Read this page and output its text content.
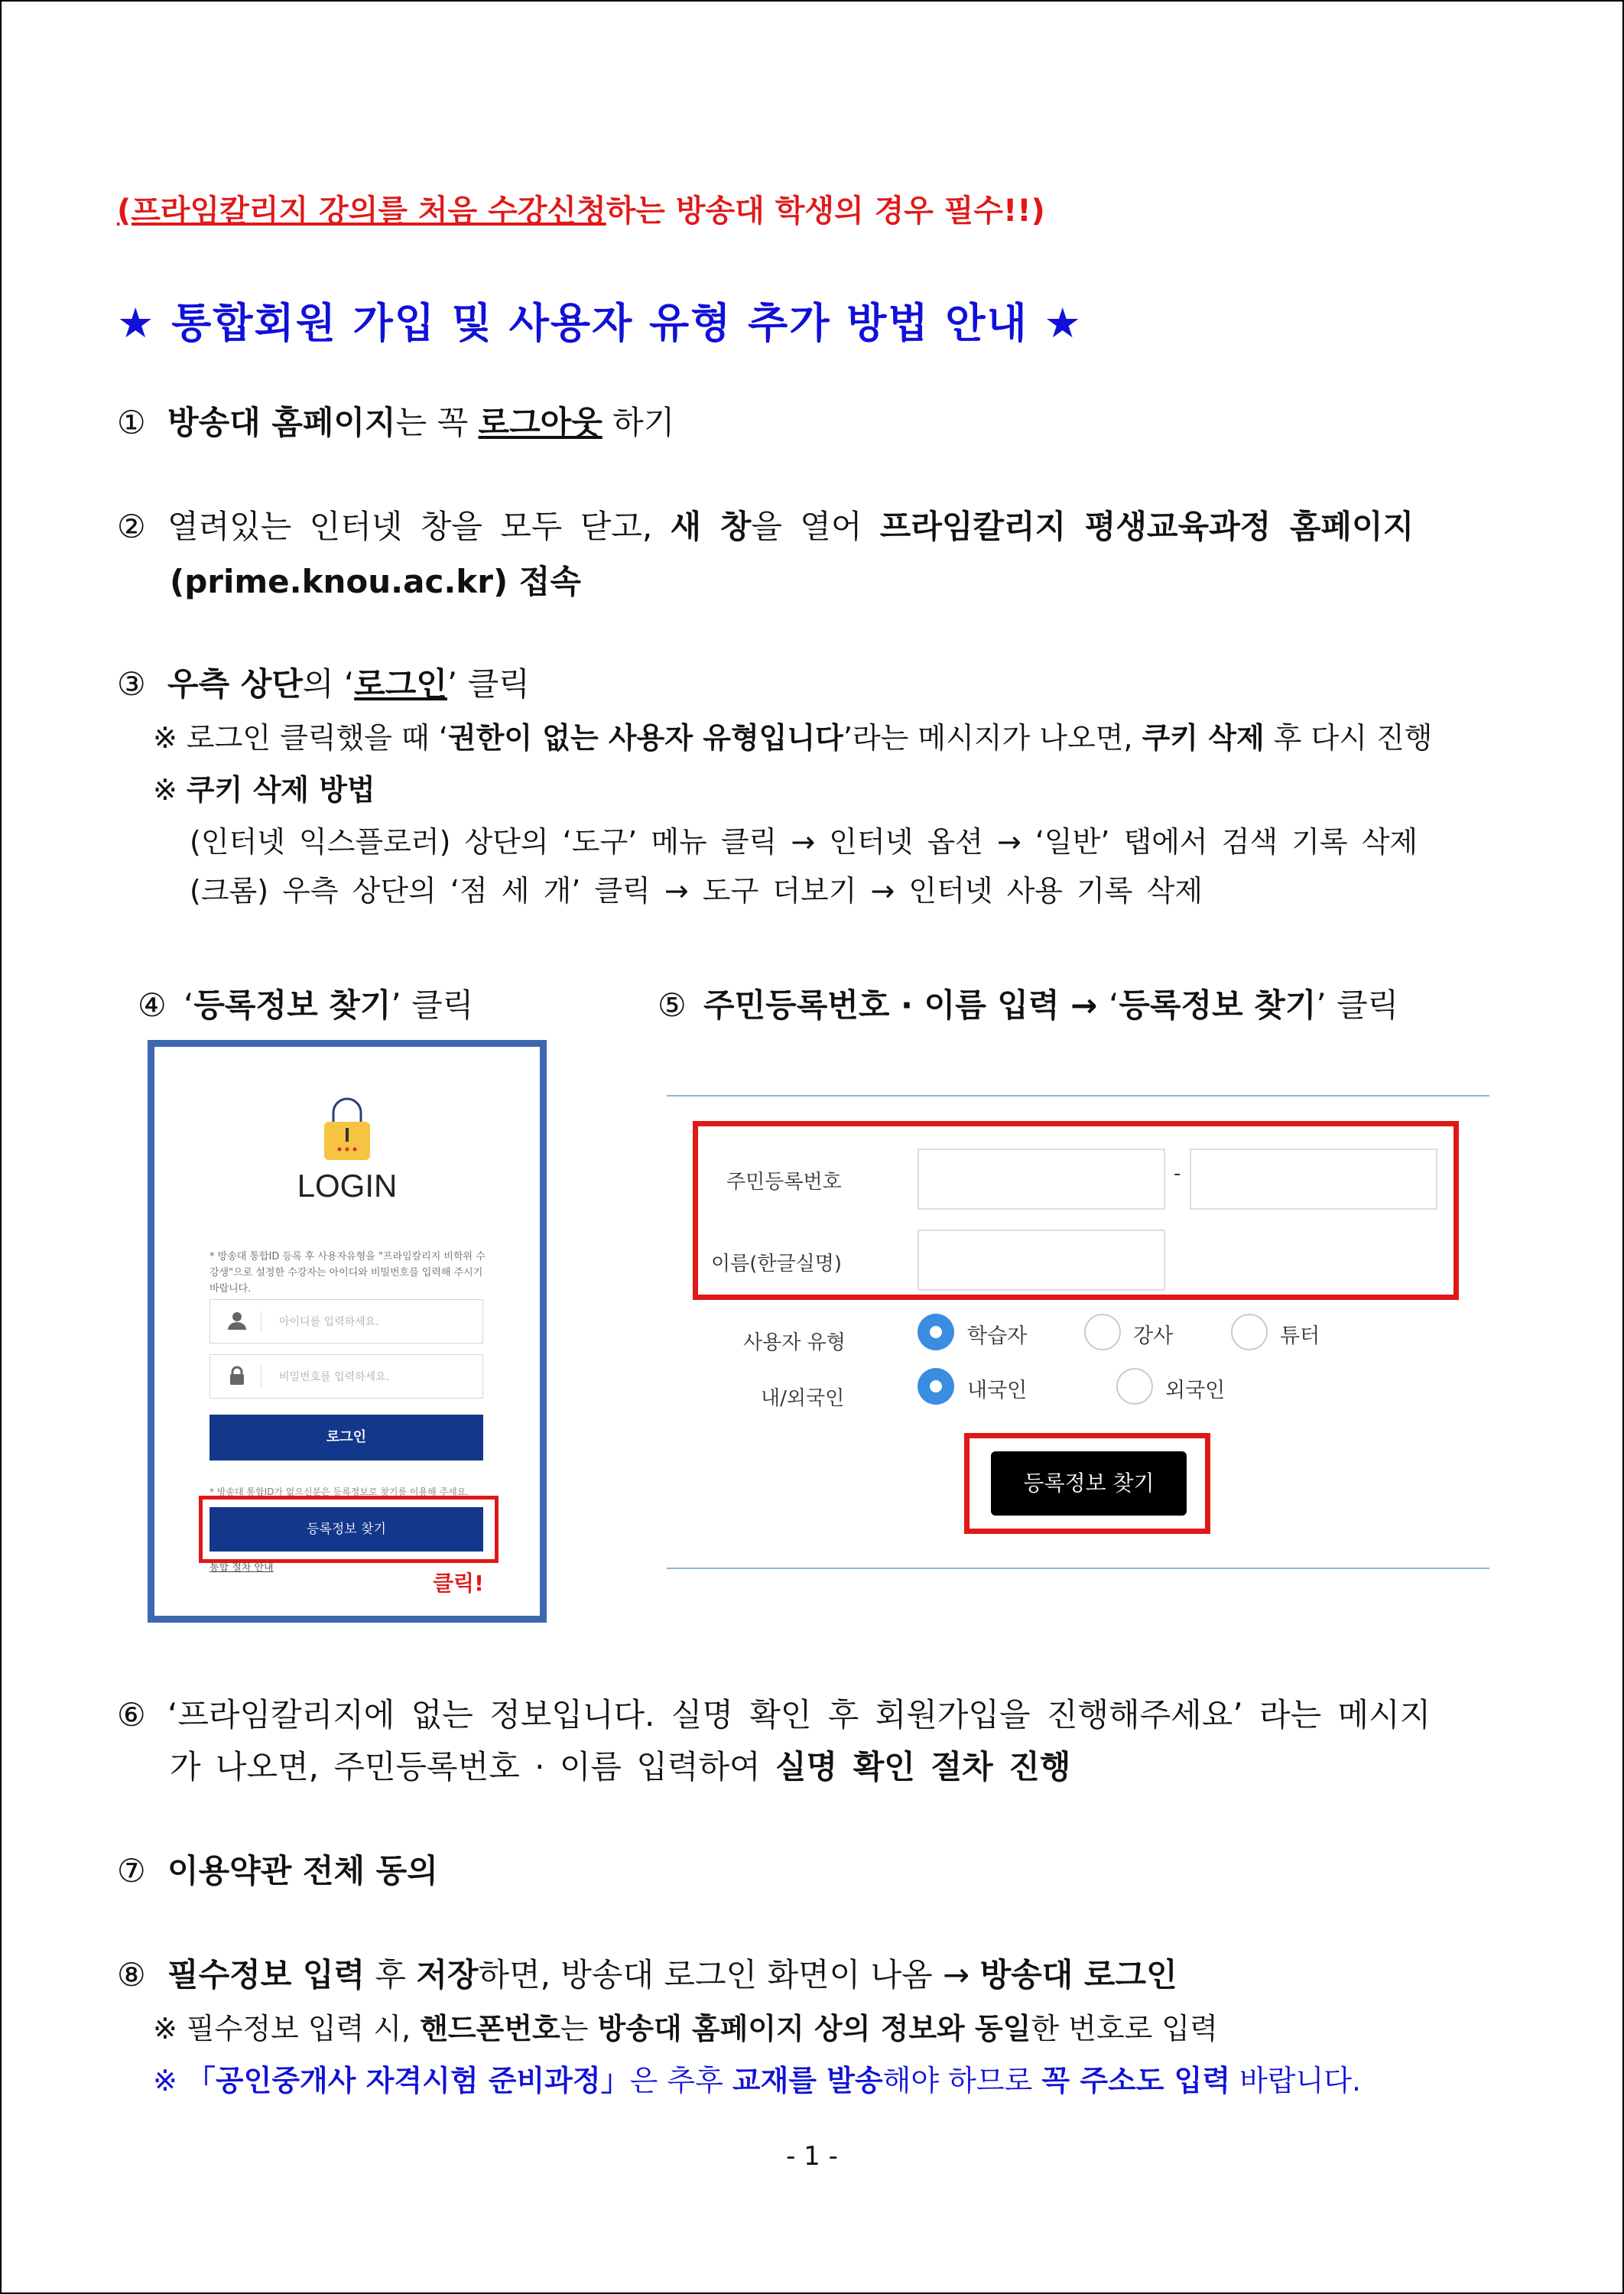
(프라임칼리지 강의를 처음 수강신청하는 방송대 학생의 경우 필수!!)
★ 통합회원 가입 및 사용자 유형 추가 방법 안내 ★
① 방송대 홈페이지는 꼭 로그아웃 하기
② 열려있는 인터넷 창을 모두 닫고, 새 창을 열어 프라임칼리지 평생교육과정 홈페이지
(prime.knou.ac.kr) 접속
③ 우측 상단의 ‘로그인’ 클릭
※ 로그인 클릭했을 때 ‘권한이 없는 사용자 유형입니다’라는 메시지가 나오면, 쿠키 삭제 후 다시 진행
※ 쿠키 삭제 방법
(인터넷 익스플로러) 상단의 ‘도구’ 메뉴 클릭 → 인터넷 옵션 → ‘일반’ 탭에서 검색 기록 삭제
(크롬) 우측 상단의 ‘점 세 개’ 클릭 → 도구 더보기 → 인터넷 사용 기록 삭제
④ ‘등록정보 찾기’ 클릭	⑤ 주민등록번호 · 이름 입력 → ‘등록정보 찾기’ 클릭
LOGIN
* 방송대 통합ID 등록 후 사용자유형을 "프라임칼리지 비학위 수강생"으로 설정한 수강자는 아이디와 비밀번호를 입력해 주시기 바랍니다.
아이디를 입력하세요.
비밀번호를 입력하세요.
로그인
* 방송대 통합ID가 없으신분은 등록정보로 찾기를 이용해 주세요.
등록정보 찾기
통합 절차 안내
클릭!
주민등록번호	-
이름(한글실명)
사용자 유형	학습자	강사	튜터
내/외국인	내국인	외국인
등록정보 찾기
⑥ ‘프라임칼리지에 없는 정보입니다. 실명 확인 후 회원가입을 진행해주세요’ 라는 메시지
가 나오면, 주민등록번호 · 이름 입력하여 실명 확인 절차 진행
⑦ 이용약관 전체 동의
⑧ 필수정보 입력 후 저장하면, 방송대 로그인 화면이 나옴 → 방송대 로그인
※ 필수정보 입력 시, 핸드폰번호는 방송대 홈페이지 상의 정보와 동일한 번호로 입력
※ 「공인중개사 자격시험 준비과정」은 추후 교재를 발송해야 하므로 꼭 주소도 입력 바랍니다.
- 1 -
